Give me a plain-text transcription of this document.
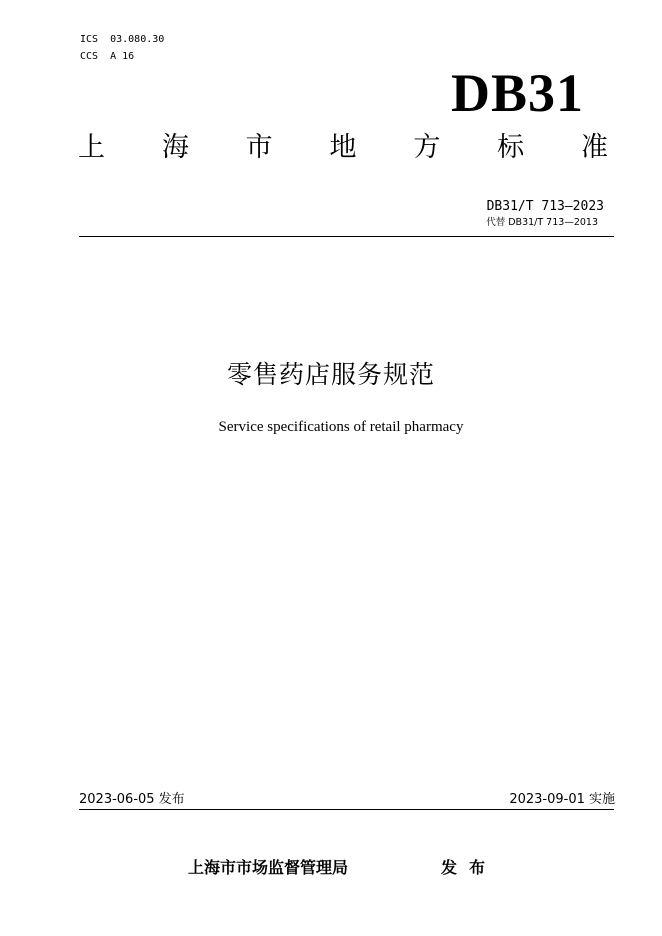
ICS  03.080.30
CCS  A 16
DB31
上 海 市 地 方 标 准
DB31/T 713—2023
代替 DB31/T 713—2013
零售药店服务规范
Service specifications of retail pharmacy
2023-06-05 发布	2023-09-01 实施
上海市市场监督管理局	发布
